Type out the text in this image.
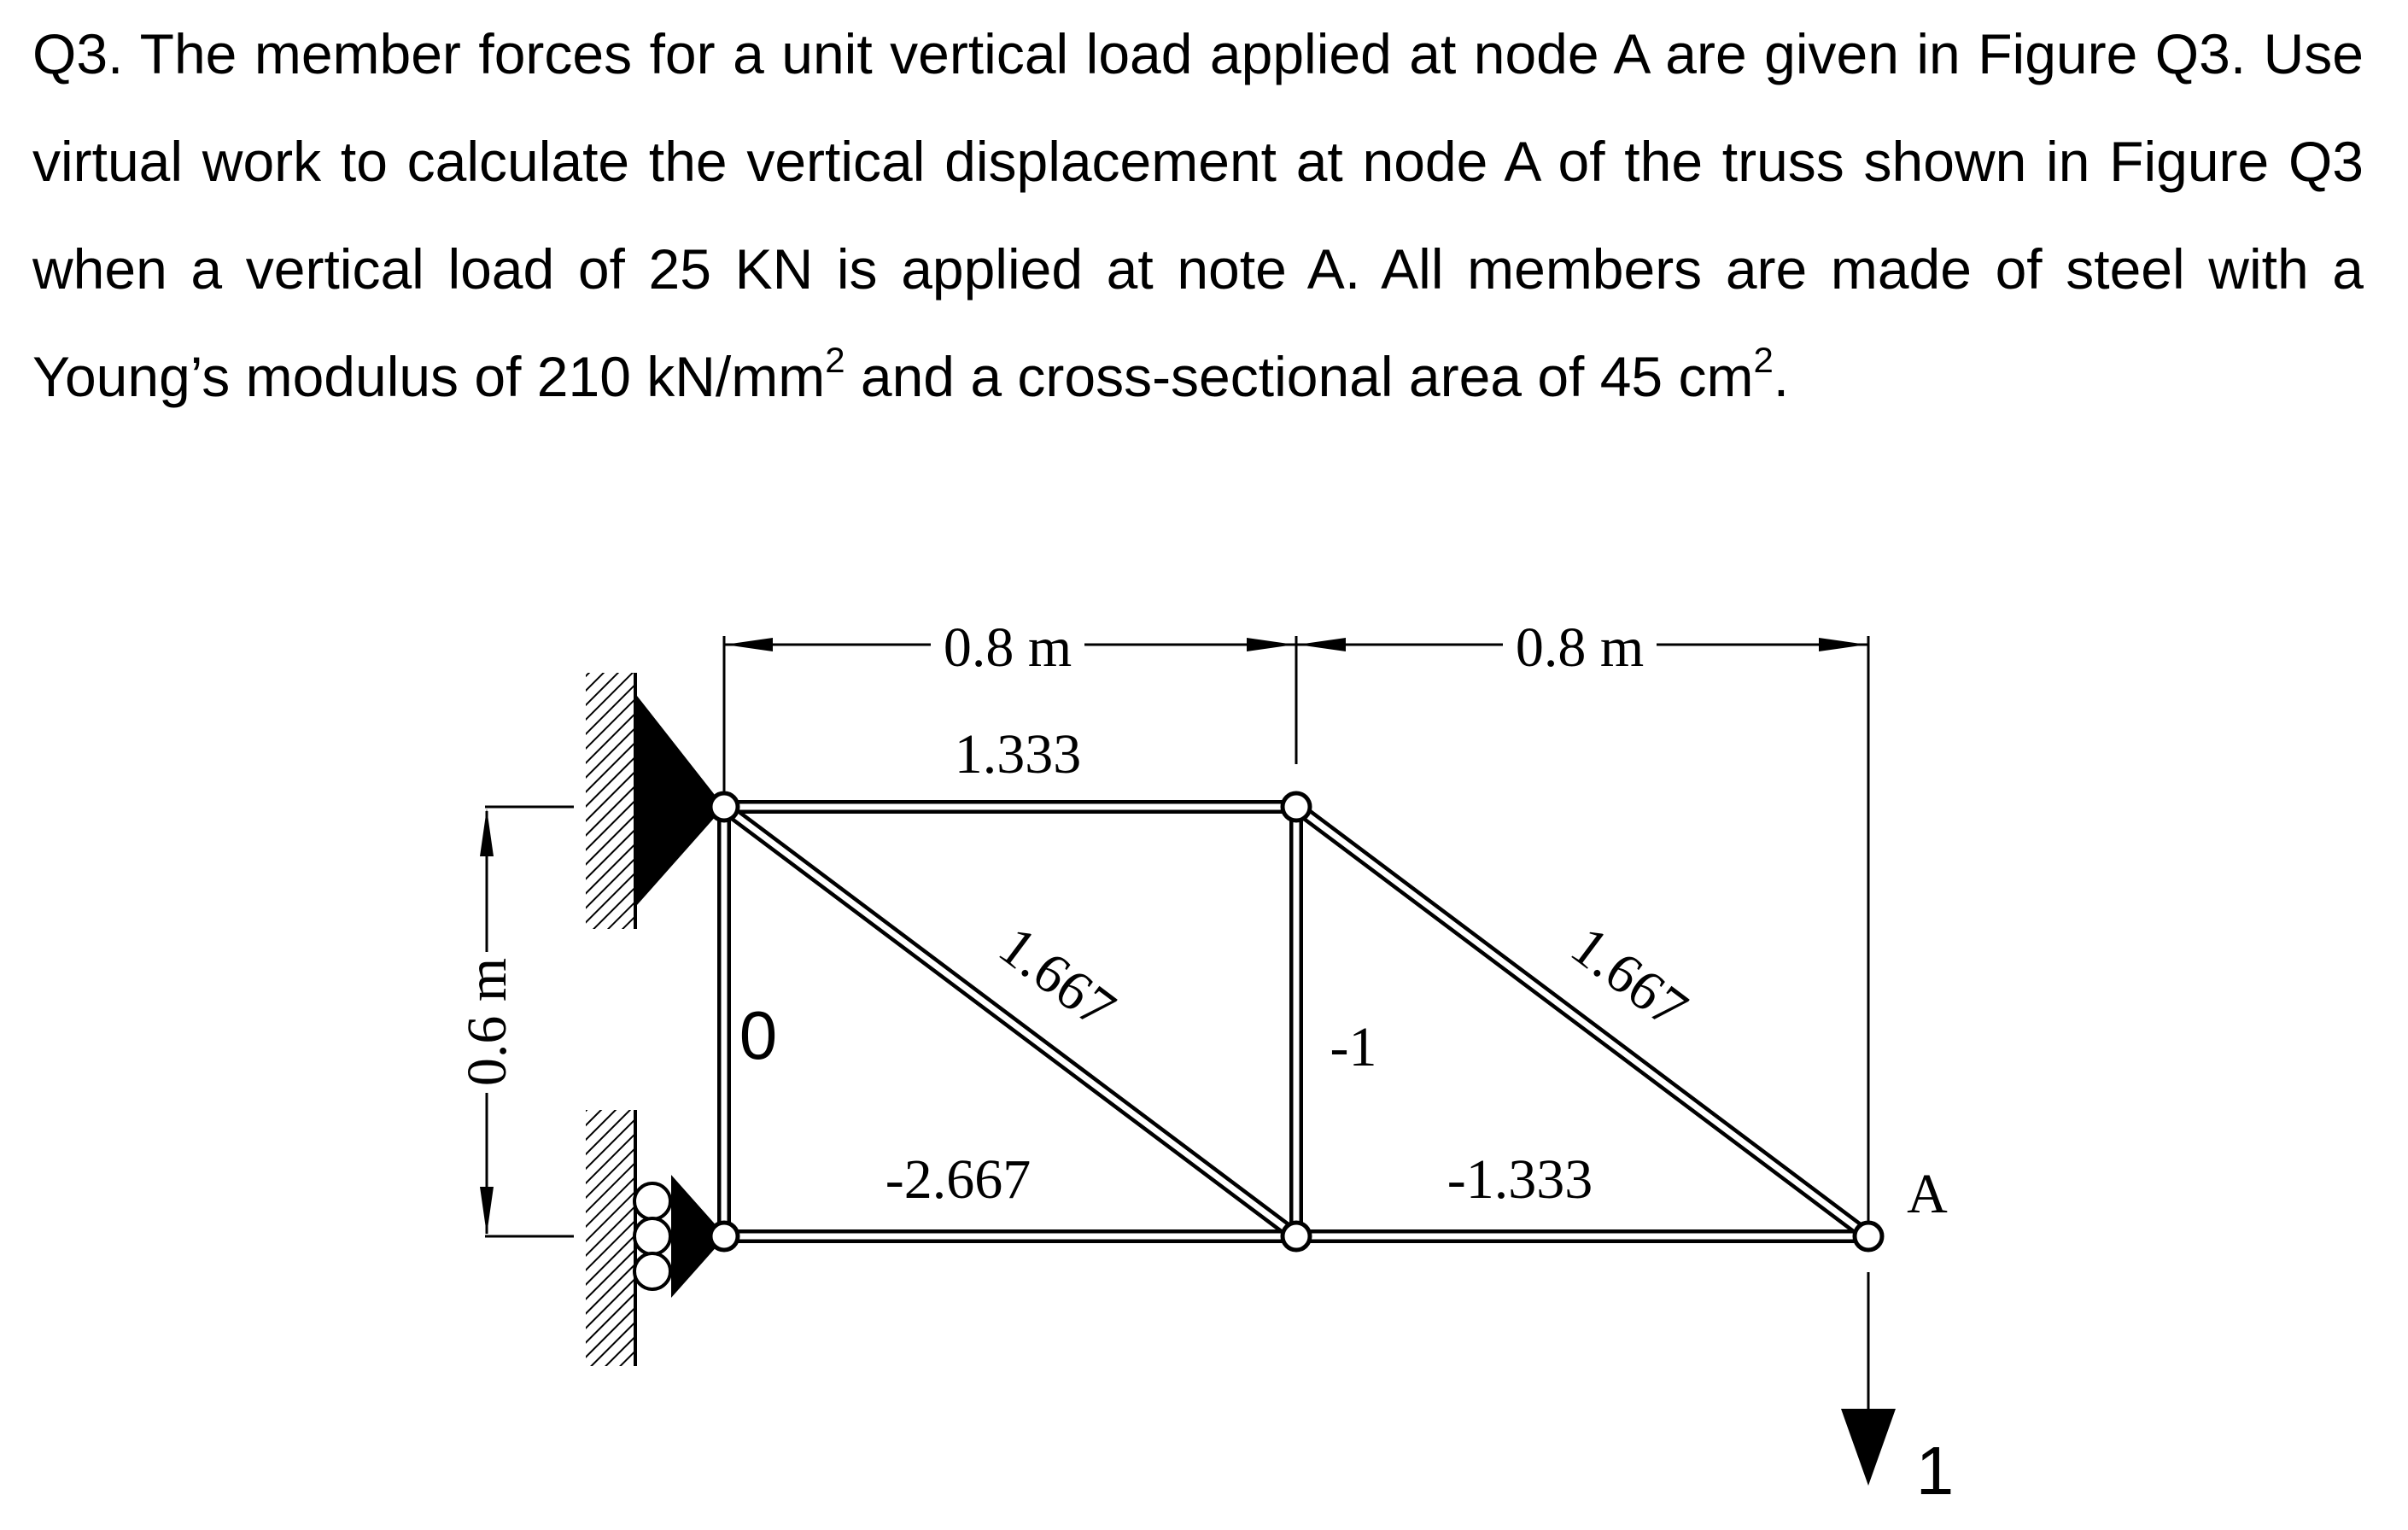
Q3. The member forces for a unit vertical load applied at node A are given in Figure Q3. Use virtual work to calculate the vertical displacement at node A of the truss shown in Figure Q3 when a vertical load of 25 KN is applied at note A. All members are made of steel with a Young’s modulus of 210 $kN/mm^2$ and a cross-sectional area of 45 $cm^2$.

0.8 m	0.8 m
0.6 m
1.333
1.667	1.667
0	-1
-2.667	-1.333	A
1
